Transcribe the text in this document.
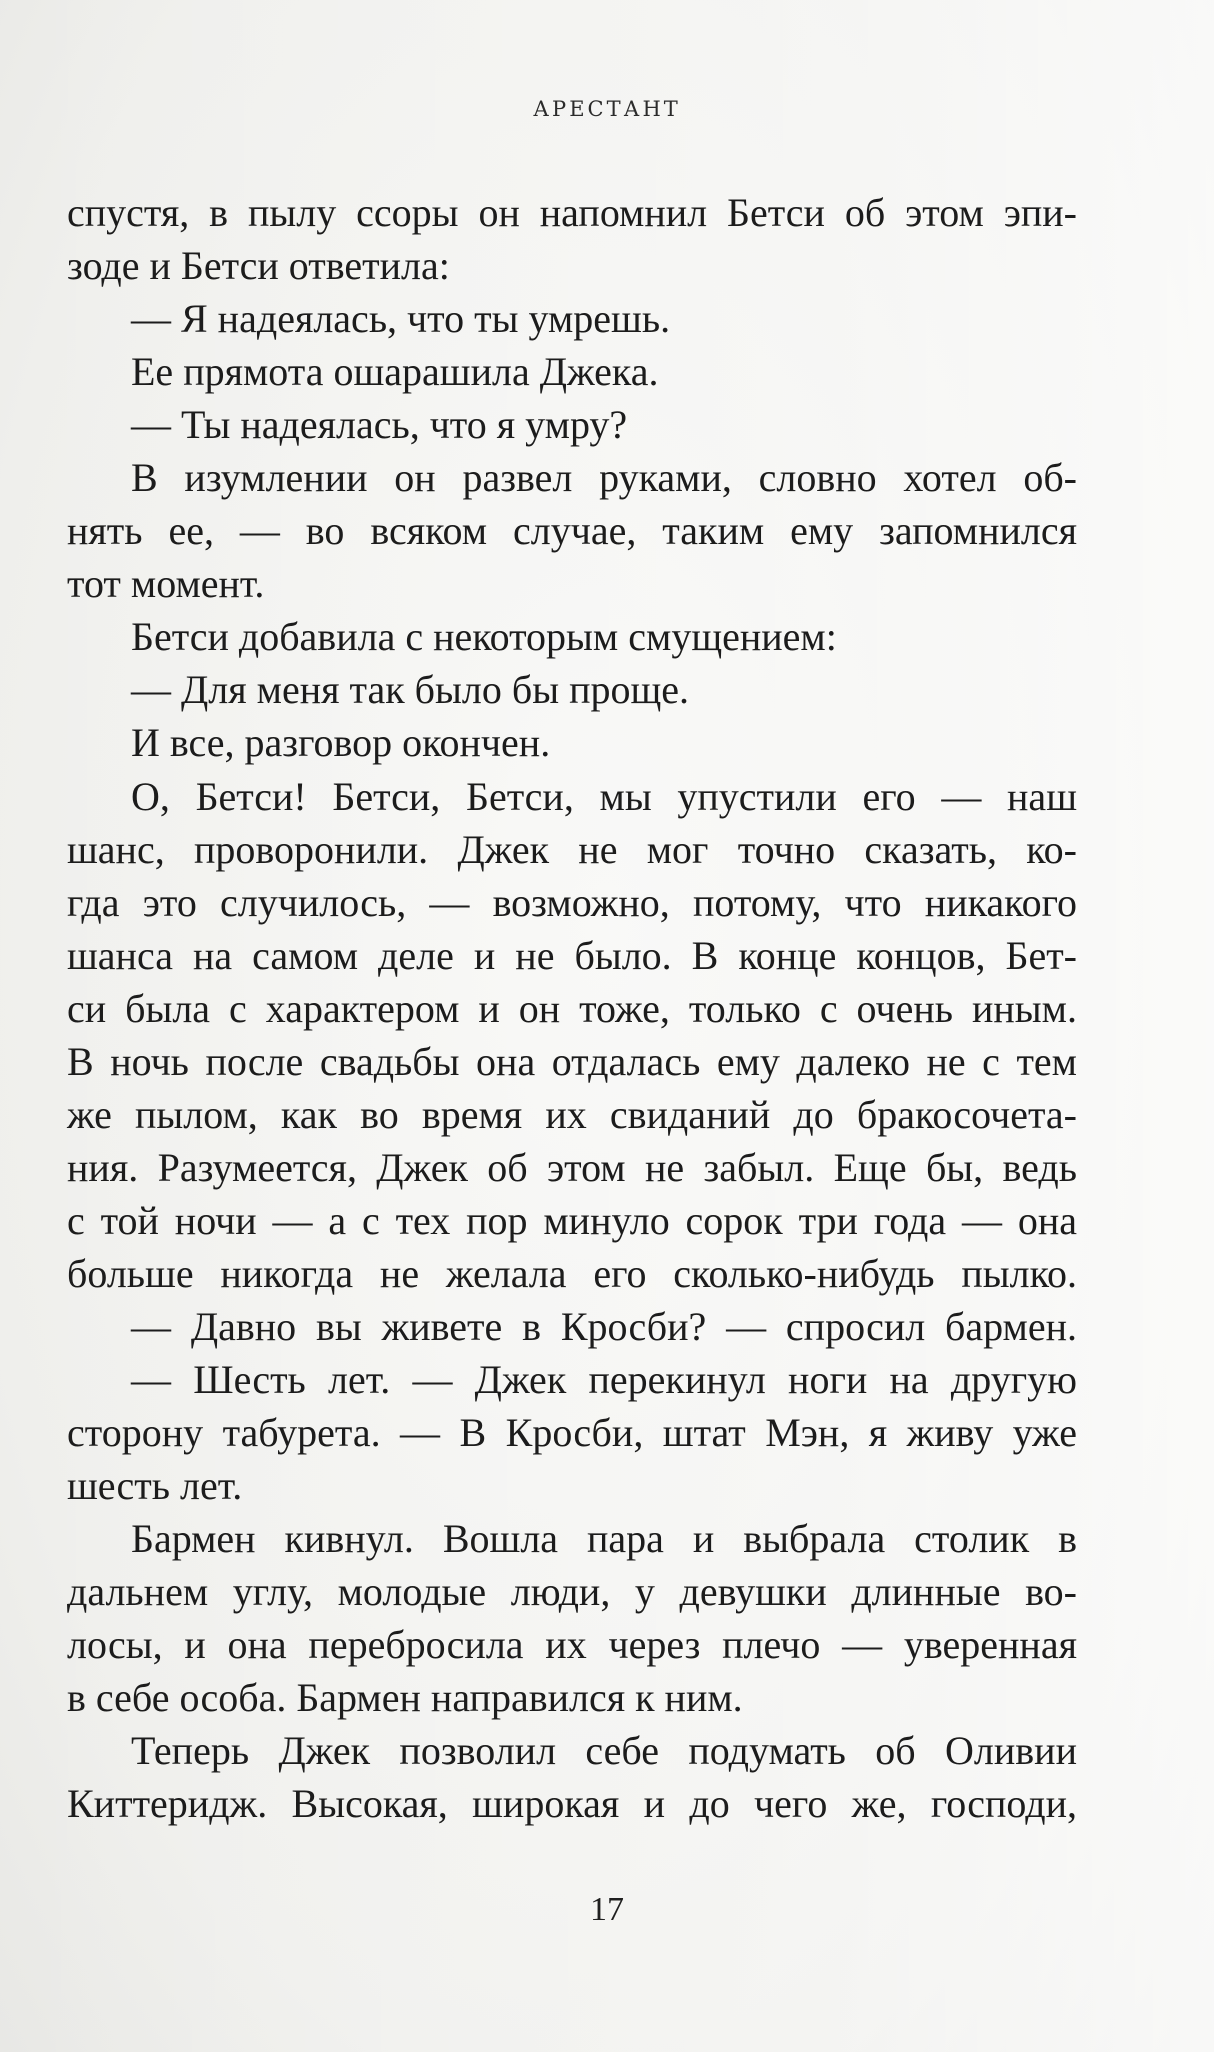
АРЕСТАНТ
спустя, в пылу ссоры он напомнил Бетси об этом эпи-
зоде и Бетси ответила:
— Я надеялась, что ты умрешь.
Ее прямота ошарашила Джека.
— Ты надеялась, что я умру?
В изумлении он развел руками, словно хотел об-
нять ее, — во всяком случае, таким ему запомнился
тот момент.
Бетси добавила с некоторым смущением:
— Для меня так было бы проще.
И все, разговор окончен.
О, Бетси! Бетси, Бетси, мы упустили его — наш
шанс, проворонили. Джек не мог точно сказать, ко-
гда это случилось, — возможно, потому, что никакого
шанса на самом деле и не было. В конце концов, Бет-
си была с характером и он тоже, только с очень иным.
В ночь после свадьбы она отдалась ему далеко не с тем
же пылом, как во время их свиданий до бракосочета-
ния. Разумеется, Джек об этом не забыл. Еще бы, ведь
с той ночи — а с тех пор минуло сорок три года — она
больше никогда не желала его сколько-нибудь пылко.
— Давно вы живете в Кросби? — спросил бармен.
— Шесть лет. — Джек перекинул ноги на другую
сторону табурета. — В Кросби, штат Мэн, я живу уже
шесть лет.
Бармен кивнул. Вошла пара и выбрала столик в
дальнем углу, молодые люди, у девушки длинные во-
лосы, и она перебросила их через плечо — уверенная
в себе особа. Бармен направился к ним.
Теперь Джек позволил себе подумать об Оливии
Киттеридж. Высокая, широкая и до чего же, господи,
17
